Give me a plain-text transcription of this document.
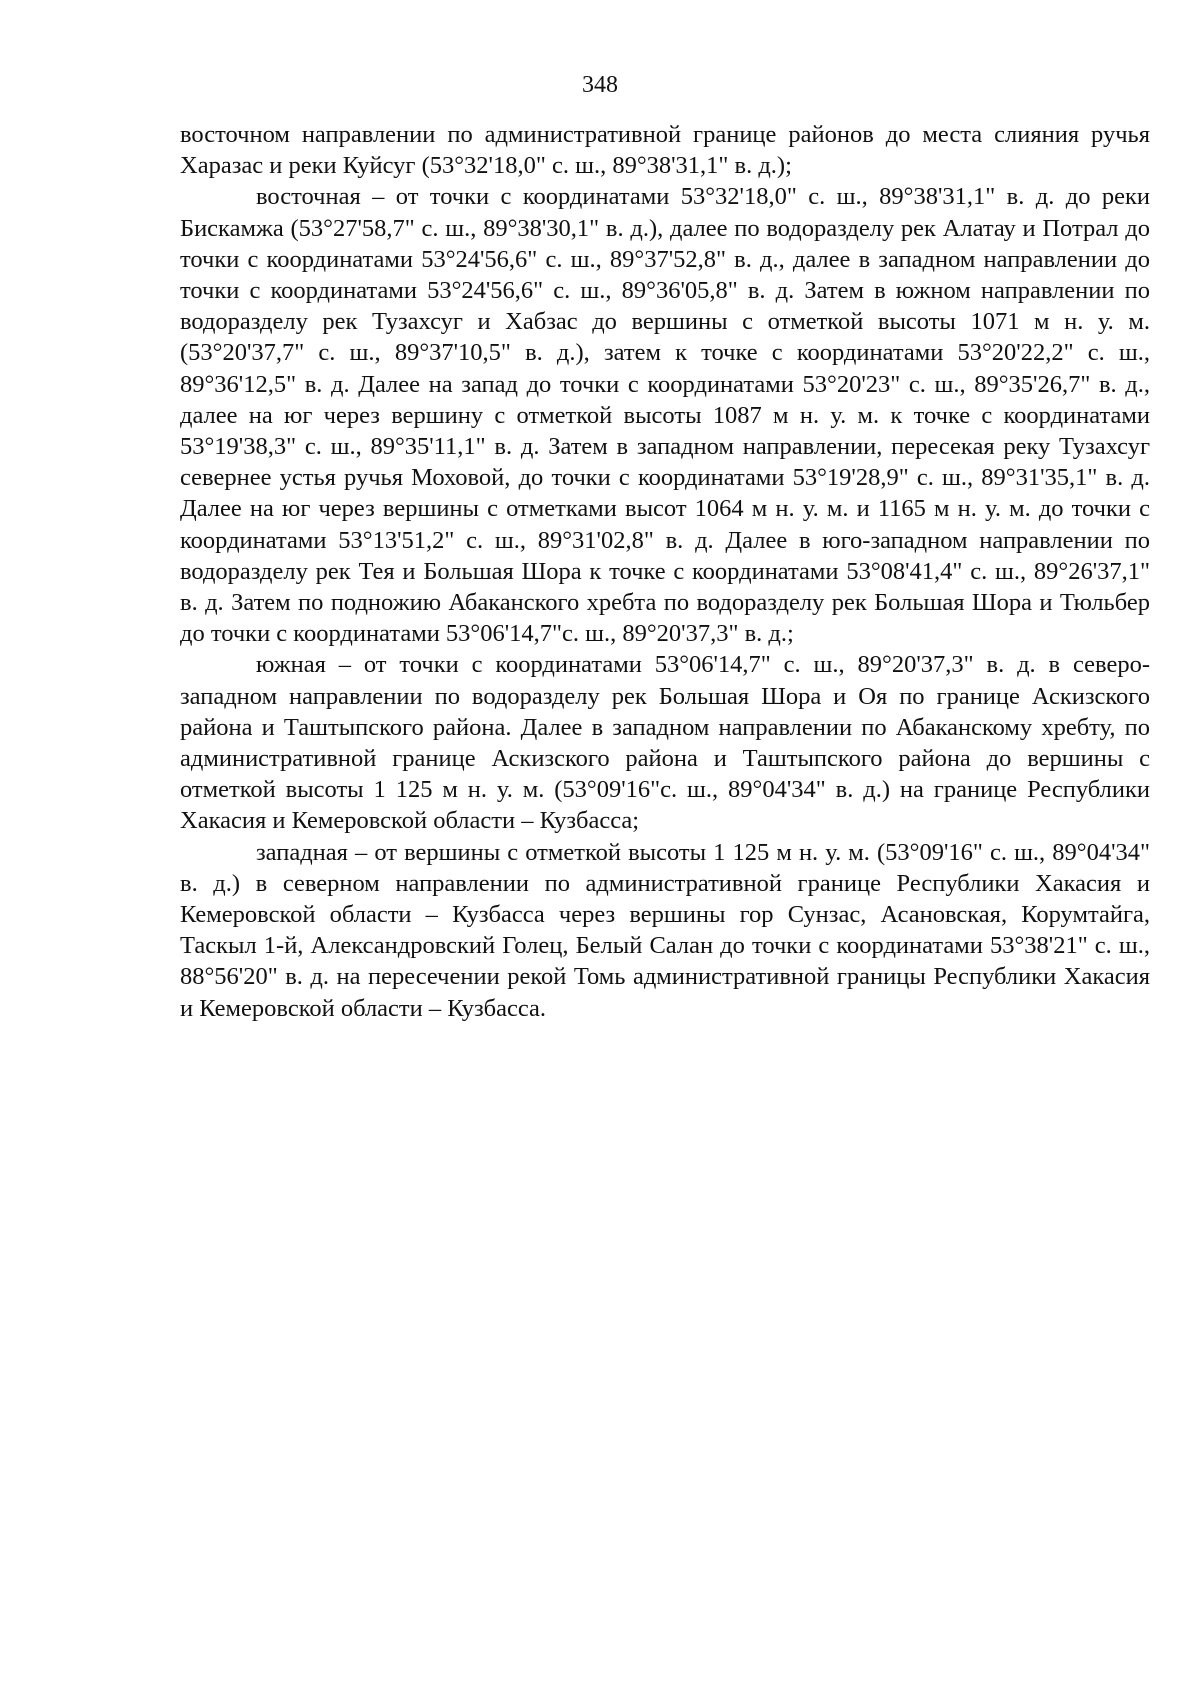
348

восточном направлении по административной границе районов до места слияния ручья Харазас и реки Куйсуг (53°32'18,0" с. ш., 89°38'31,1" в. д.);

восточная – от точки с координатами 53°32'18,0" с. ш., 89°38'31,1" в. д. до реки Бискамжа (53°27'58,7" с. ш., 89°38'30,1" в. д.), далее по водоразделу рек Алатау и Потрал до точки с координатами 53°24'56,6" с. ш., 89°37'52,8" в. д., далее в западном направлении до точки с координатами 53°24'56,6" с. ш., 89°36'05,8" в. д. Затем в южном направлении по водоразделу рек Тузахсуг и Хабзас до вершины с отметкой высоты 1071 м н. у. м. (53°20'37,7" с. ш., 89°37'10,5" в. д.), затем к точке с координатами 53°20'22,2" с. ш., 89°36'12,5" в. д. Далее на запад до точки с координатами 53°20'23" с. ш., 89°35'26,7" в. д., далее на юг через вершину с отметкой высоты 1087 м н. у. м. к точке с координатами 53°19'38,3" с. ш., 89°35'11,1" в. д. Затем в западном направлении, пересекая реку Тузахсуг севернее устья ручья Моховой, до точки с координатами 53°19'28,9" с. ш., 89°31'35,1" в. д. Далее на юг через вершины с отметками высот 1064 м н. у. м. и 1165 м н. у. м. до точки с координатами 53°13'51,2" с. ш., 89°31'02,8" в. д. Далее в юго-западном направлении по водоразделу рек Тея и Большая Шора к точке с координатами 53°08'41,4" с. ш., 89°26'37,1" в. д. Затем по подножию Абаканского хребта по водоразделу рек Большая Шора и Тюльбер до точки с координатами 53°06'14,7"с. ш., 89°20'37,3" в. д.;

южная – от точки с координатами 53°06'14,7" с. ш., 89°20'37,3" в. д. в северо-западном направлении по водоразделу рек Большая Шора и Оя по границе Аскизского района и Таштыпского района. Далее в западном направлении по Абаканскому хребту, по административной границе Аскизского района и Таштыпского района до вершины с отметкой высоты 1 125 м н. у. м. (53°09'16"с. ш., 89°04'34" в. д.) на границе Республики Хакасия и Кемеровской области – Кузбасса;

западная – от вершины с отметкой высоты 1 125 м н. у. м. (53°09'16" с. ш., 89°04'34" в. д.) в северном направлении по административной границе Республики Хакасия и Кемеровской области – Кузбасса через вершины гор Сунзас, Асановская, Корумтайга, Таскыл 1-й, Александровский Голец, Белый Салан до точки с координатами 53°38'21" с. ш., 88°56'20" в. д. на пересечении рекой Томь административной границы Республики Хакасия и Кемеровской области – Кузбасса.
